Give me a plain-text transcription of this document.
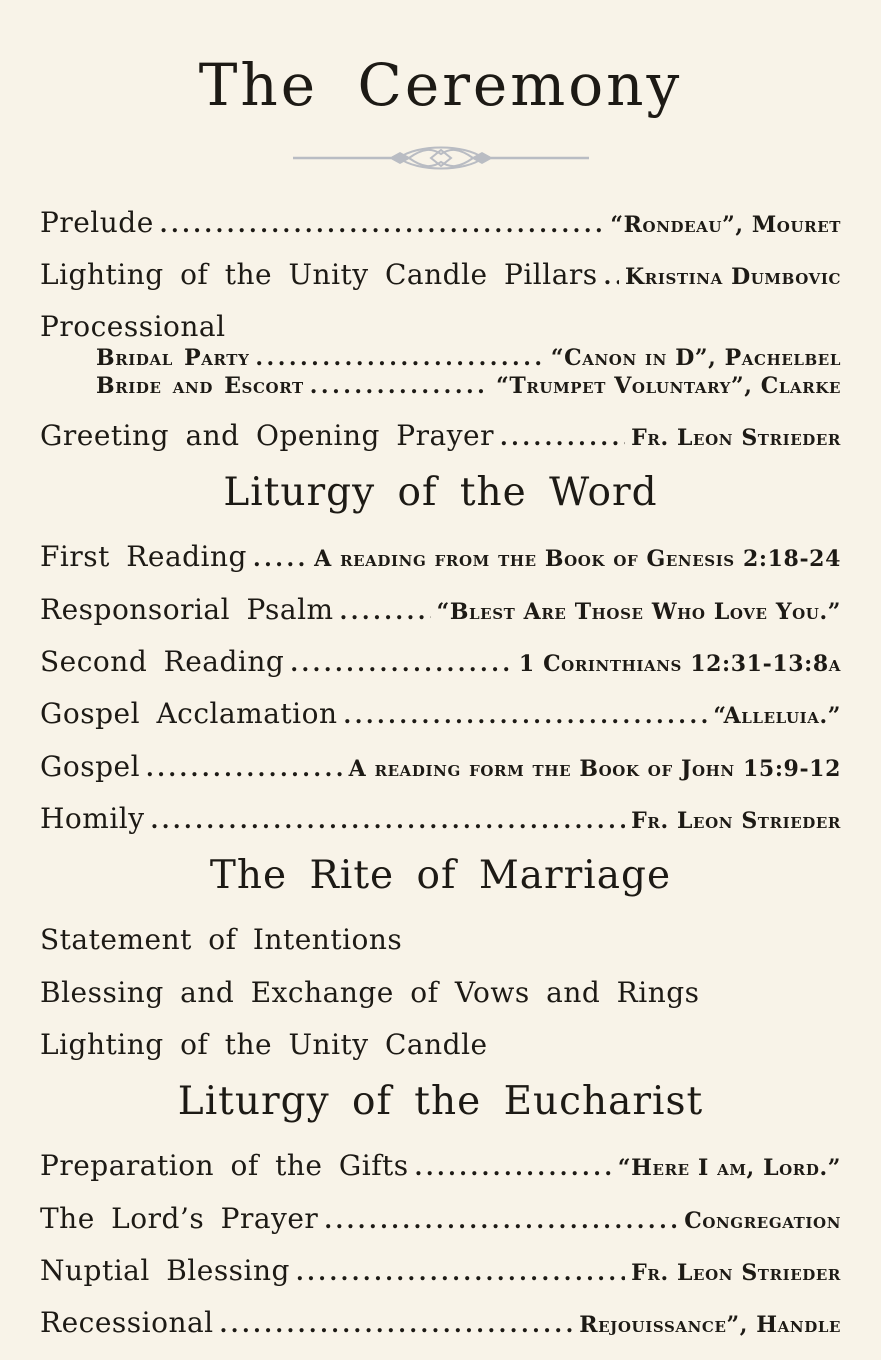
The Ceremony
Prelude .....	“Rondeau”, Mouret
Lighting of the Unity Candle Pillars ..... Kristina Dumbovic
Processional
Bridal Party .....	“Canon in D”, Pachelbel
Bride and Escort .....	“Trumpet Voluntary”, Clarke
Greeting and Opening Prayer .....	Fr. Leon Strieder
Liturgy of the Word
First Reading .....	A reading from the Book of Genesis 2:18-24
Responsorial Psalm .....	“Blest Are Those Who Love You.”
Second Reading .....	1 Corinthians 12:31-13:8a
Gospel Acclamation .....	“Alleluia.”
Gospel .....	A reading form the Book of John 15:9-12
Homily .....	Fr. Leon Strieder
The Rite of Marriage
Statement of Intentions
Blessing and Exchange of Vows and Rings
Lighting of the Unity Candle
Liturgy of the Eucharist
Preparation of the Gifts .....	“Here I am, Lord.”
The Lord’s Prayer .....	Congregation
Nuptial Blessing .....	Fr. Leon Strieder
Recessional .....	Rejouissance”, Handle
